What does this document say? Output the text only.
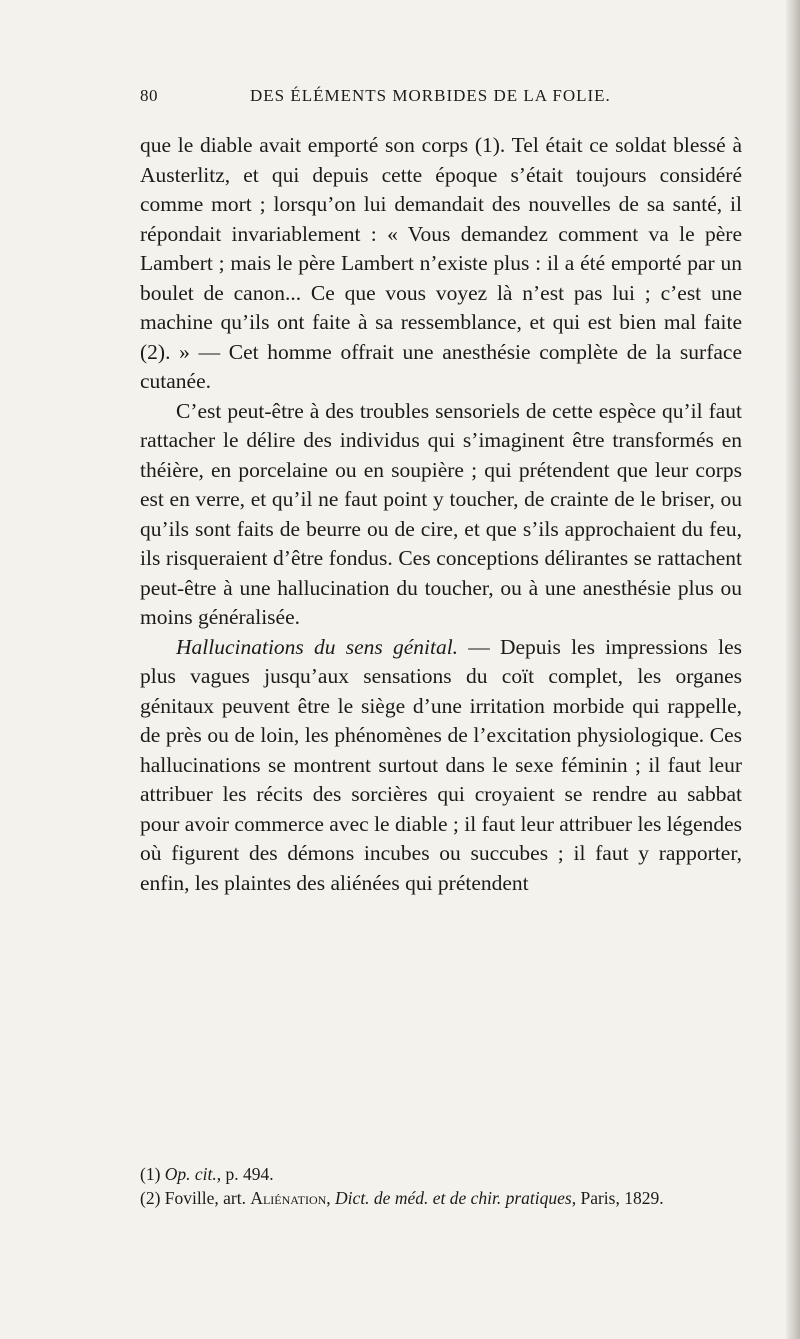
80	DES ÉLÉMENTS MORBIDES DE LA FOLIE.

que le diable avait emporté son corps (1). Tel était ce soldat blessé à Austerlitz, et qui depuis cette époque s’était toujours considéré comme mort ; lorsqu’on lui demandait des nouvelles de sa santé, il répondait invariablement : « Vous demandez comment va le père Lambert ; mais le père Lambert n’existe plus : il a été emporté par un boulet de canon... Ce que vous voyez là n’est pas lui ; c’est une machine qu’ils ont faite à sa ressemblance, et qui est bien mal faite (2). » — Cet homme offrait une anesthésie complète de la surface cutanée.

C’est peut-être à des troubles sensoriels de cette espèce qu’il faut rattacher le délire des individus qui s’imaginent être transformés en théière, en porcelaine ou en soupière ; qui prétendent que leur corps est en verre, et qu’il ne faut point y toucher, de crainte de le briser, ou qu’ils sont faits de beurre ou de cire, et que s’ils approchaient du feu, ils risqueraient d’être fondus. Ces conceptions délirantes se rattachent peut-être à une hallucination du toucher, ou à une anesthésie plus ou moins généralisée.

Hallucinations du sens génital. — Depuis les impressions les plus vagues jusqu’aux sensations du coït complet, les organes génitaux peuvent être le siège d’une irritation morbide qui rappelle, de près ou de loin, les phénomènes de l’excitation physiologique. Ces hallucinations se montrent surtout dans le sexe féminin ; il faut leur attribuer les récits des sorcières qui croyaient se rendre au sabbat pour avoir commerce avec le diable ; il faut leur attribuer les légendes où figurent des démons incubes ou succubes ; il faut y rapporter, enfin, les plaintes des aliénées qui prétendent

(1) Op. cit., p. 494.

(2) Foville, art. Aliénation, Dict. de méd. et de chir. pratiques, Paris, 1829.
